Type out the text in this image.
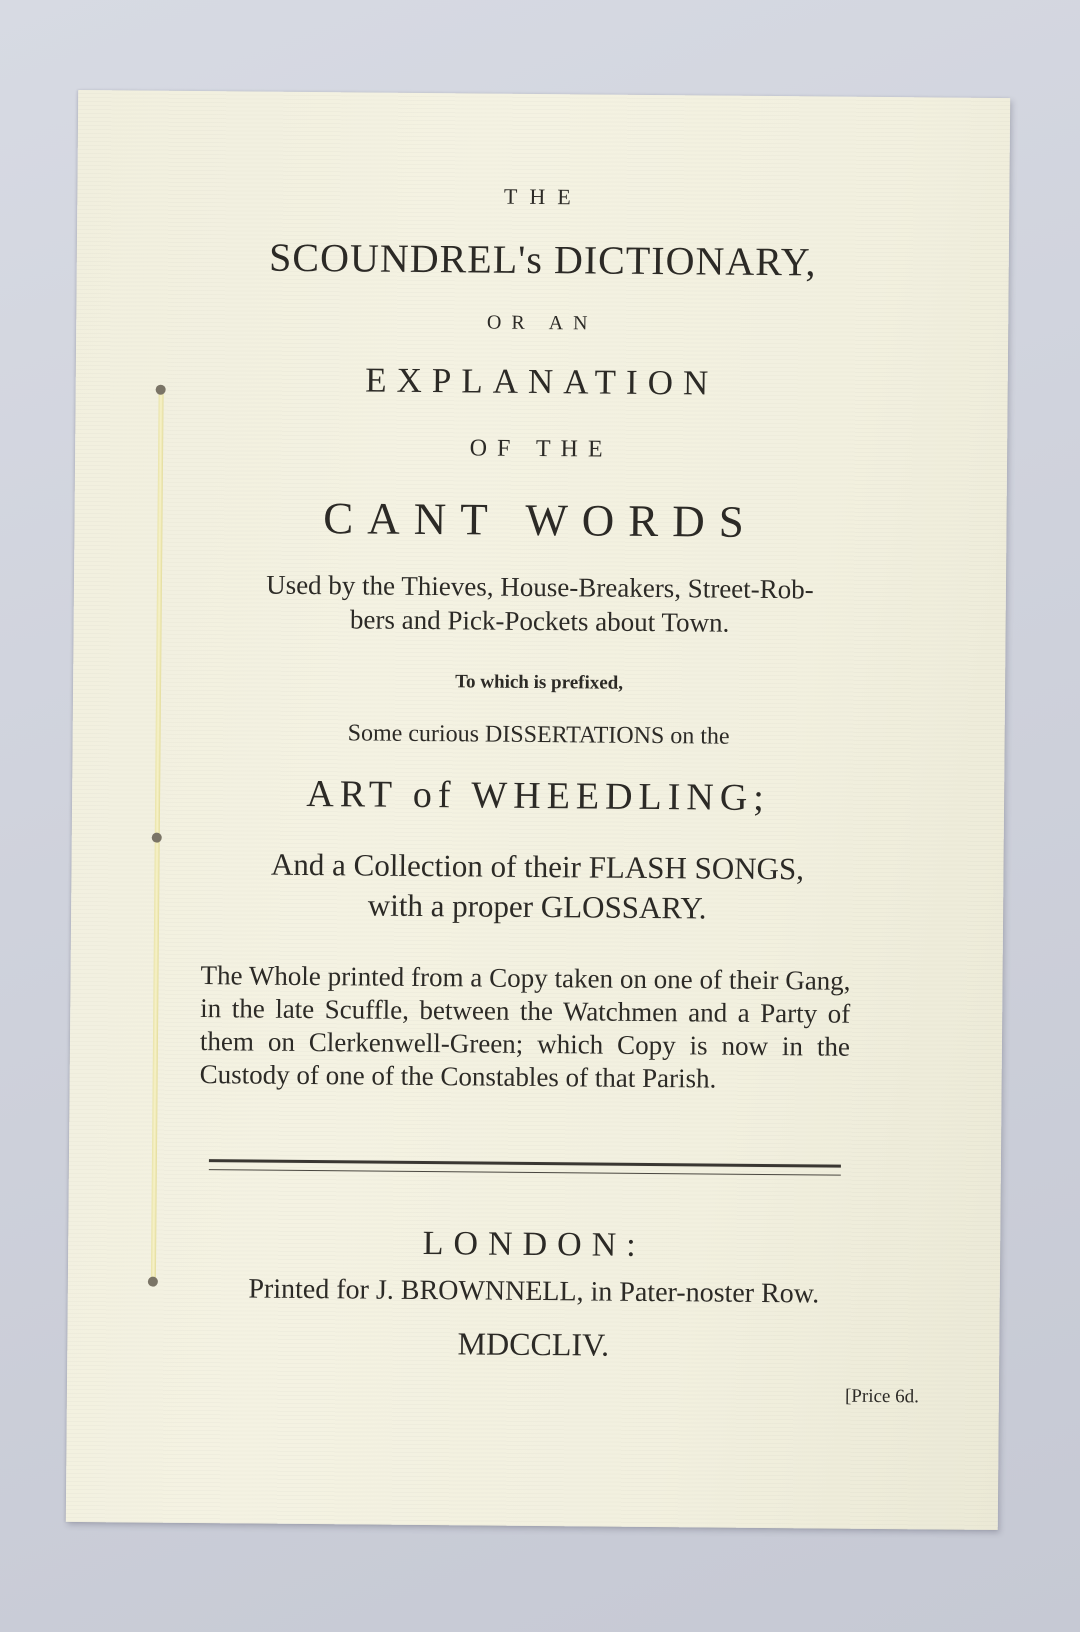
THE
SCOUNDREL's DICTIONARY,
OR AN
EXPLANATION
OF THE
CANT WORDS
Used by the Thieves, House-Breakers, Street-Rob-
bers and Pick-Pockets about Town.
To which is prefixed,
Some curious DISSERTATIONS on the
ART of WHEEDLING;
And a Collection of their FLASH SONGS,
with a proper GLOSSARY.

The Whole printed from a Copy taken on one of their Gang, in the late Scuffle, between the Watchmen and a Party of them on Clerkenwell-Green; which Copy is now in the Custody of one of the Constables of that Parish.

LONDON:
Printed for J. BROWNNELL, in Pater-noster Row.
MDCCLIV.
[Price 6d.
